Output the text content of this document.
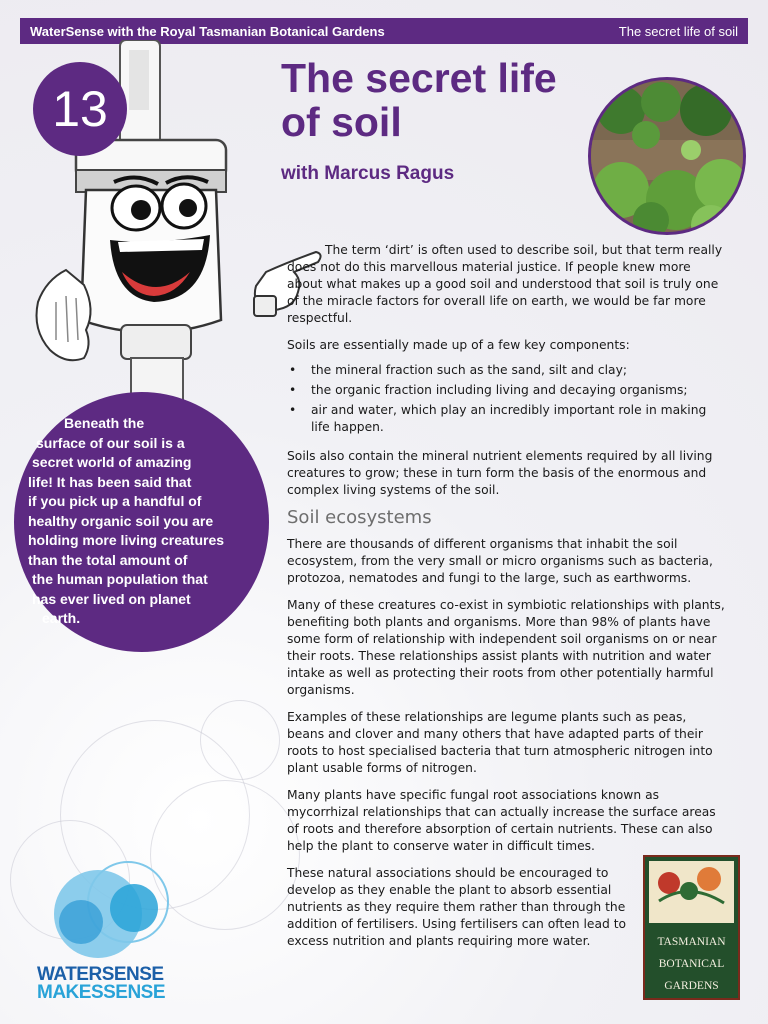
WaterSense with the Royal Tasmanian Botanical Gardens	The secret life of soil
13
The secret life
of soil
with Marcus Ragus
Beneath the
surface of our soil is a
secret world of amazing
life! It has been said that
if you pick up a handful of
healthy organic soil you are
holding more living creatures
than the total amount of
the human population that
has ever lived on planet
earth.

The term ‘dirt’ is often used to describe soil, but that term really does not do this marvellous material justice. If people knew more about what makes up a good soil and understood that soil is truly one of the miracle factors for overall life on earth, we would be far more respectful.

Soils are essentially made up of a few key components:

• the mineral fraction such as the sand, silt and clay;
• the organic fraction including living and decaying organisms;
• air and water, which play an incredibly important role in making life happen.

Soils also contain the mineral nutrient elements required by all living creatures to grow; these in turn form the basis of the enormous and complex living systems of the soil.

Soil ecosystems

There are thousands of different organisms that inhabit the soil ecosystem, from the very small or micro organisms such as bacteria, protozoa, nematodes and fungi to the large, such as earthworms.

Many of these creatures co-exist in symbiotic relationships with plants, benefiting both plants and organisms. More than 98% of plants have some form of relationship with independent soil organisms on or near their roots. These relationships assist plants with nutrition and water intake as well as protecting their roots from other potentially harmful organisms.

Examples of these relationships are legume plants such as peas, beans and clover and many others that have adapted parts of their roots to host specialised bacteria that turn atmospheric nitrogen into plant usable forms of nitrogen.

Many plants have specific fungal root associations known as mycorrhizal relationships that can actually increase the surface areas of roots and therefore absorption of certain nutrients. These can also help the plant to conserve water in difficult times.

These natural associations should be encouraged to develop as they enable the plant to absorb essential nutrients as they require them rather than through the addition of fertilisers. Using fertilisers can often lead to excess nutrition and plants requiring more water.

WATERSENSE
MAKESSENSE
ROYAL
TASMANIAN
BOTANICAL
GARDENS
